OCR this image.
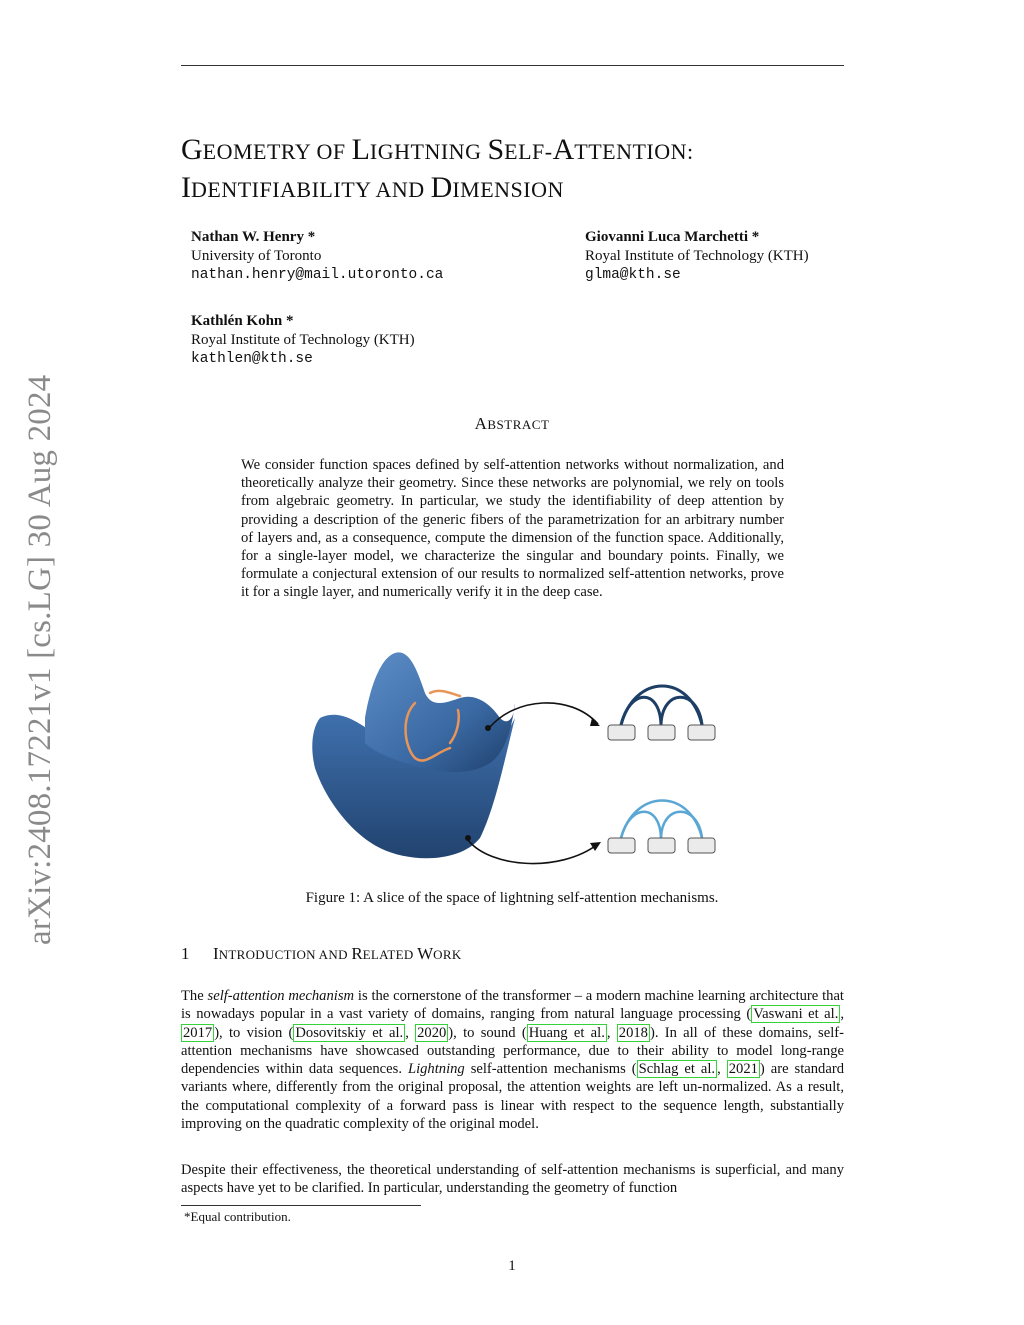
arXiv:2408.17221v1 [cs.LG] 30 Aug 2024
GEOMETRY OF LIGHTNING SELF-ATTENTION:
IDENTIFIABILITY AND DIMENSION
Nathan W. Henry *
University of Toronto
nathan.henry@mail.utoronto.ca
Giovanni Luca Marchetti *
Royal Institute of Technology (KTH)
glma@kth.se
Kathlén Kohn *
Royal Institute of Technology (KTH)
kathlen@kth.se
ABSTRACT
We consider function spaces defined by self-attention networks without normalization, and theoretically analyze their geometry. Since these networks are polynomial, we rely on tools from algebraic geometry. In particular, we study the identifiability of deep attention by providing a description of the generic fibers of the parametrization for an arbitrary number of layers and, as a consequence, compute the dimension of the function space. Additionally, for a single-layer model, we characterize the singular and boundary points. Finally, we formulate a conjectural extension of our results to normalized self-attention networks, prove it for a single layer, and numerically verify it in the deep case.
Figure 1: A slice of the space of lightning self-attention mechanisms.
1 INTRODUCTION AND RELATED WORK

The self-attention mechanism is the cornerstone of the transformer – a modern machine learning architecture that is nowadays popular in a vast variety of domains, ranging from natural language processing ( Vaswani et al. , 2017 ), to vision ( Dosovitskiy et al. , 2020 ), to sound ( Huang et al. , 2018 ). In all of these domains, self-attention mechanisms have showcased outstanding performance, due to their ability to model long-range dependencies within data sequences. Lightning self-attention mechanisms ( Schlag et al. , 2021 ) are standard variants where, differently from the original proposal, the attention weights are left un-normalized. As a result, the computational complexity of a forward pass is linear with respect to the sequence length, substantially improving on the quadratic complexity of the original model.

Despite their effectiveness, the theoretical understanding of self-attention mechanisms is superficial, and many aspects have yet to be clarified. In particular, understanding the geometry of function

*Equal contribution.
1
